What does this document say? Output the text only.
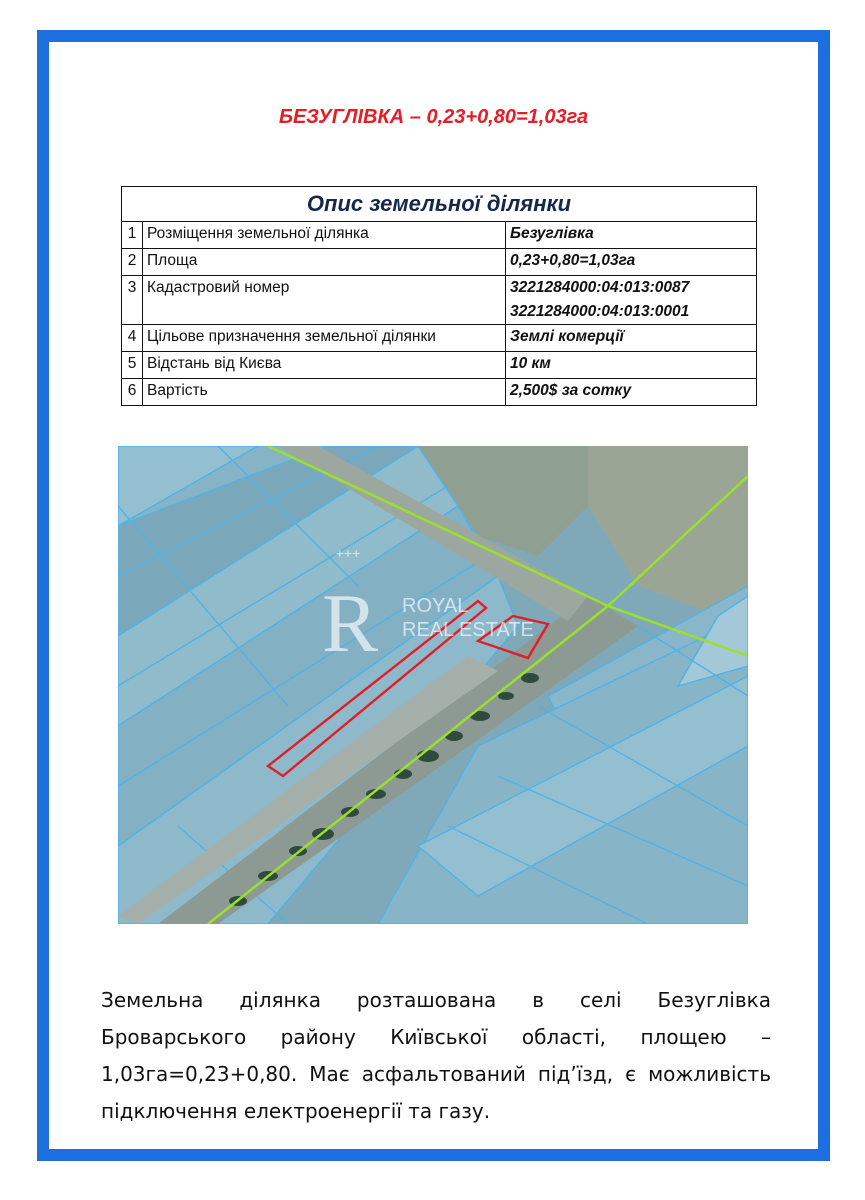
БЕЗУГЛІВКА – 0,23+0,80=1,03га
Опис земельної ділянки		
1	Розміщення земельної ділянка	Безуглівка

2	Площа	0,23+0,80=1,03га

3	Кадастровий номер	3221284000:04:013:0087
3221284000:04:013:0001

4	Цільове призначення земельної ділянки	Землі комерції

5	Відстань від Києва	10 км

6	Вартість	2,500$ за сотку
+++
R ROYAL
REAL ESTATE
Земельна ділянка розташована в селі Безуглівка Броварського району Київської області, площею – 1,03га=0,23+0,80. Має асфальтований під’їзд, є можливість підключення електроенергії та газу.
